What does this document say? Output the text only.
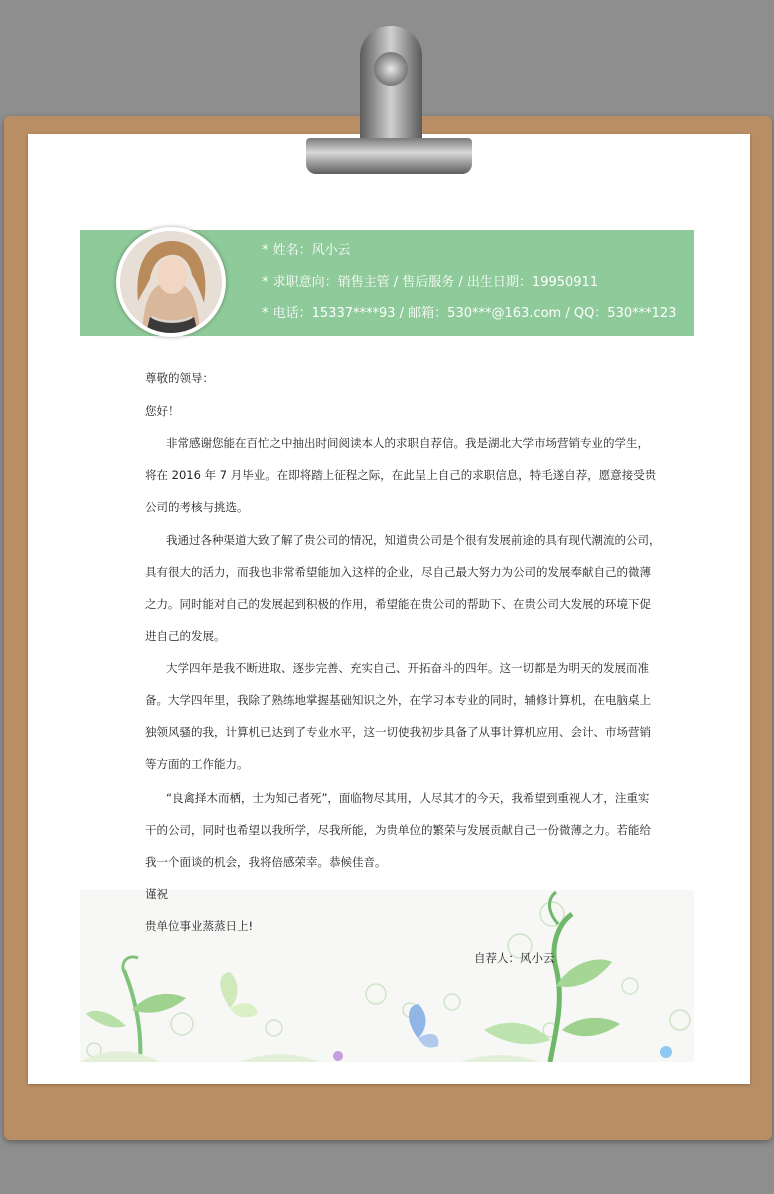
* 姓名：风小云
* 求职意向：销售主管 / 售后服务 / 出生日期：19950911
* 电话：15337****93 / 邮箱：530***@163.com / QQ：530***123
尊敬的领导：
您好！
非常感谢您能在百忙之中抽出时间阅读本人的求职自荐信。我是湖北大学市场营销专业的学生，
将在 2016 年 7 月毕业。在即将踏上征程之际，在此呈上自己的求职信息，特毛遂自荐，愿意接受贵
公司的考核与挑选。
我通过各种渠道大致了解了贵公司的情况，知道贵公司是个很有发展前途的具有现代潮流的公司，
具有很大的活力，而我也非常希望能加入这样的企业，尽自己最大努力为公司的发展奉献自己的微薄
之力。同时能对自己的发展起到积极的作用，希望能在贵公司的帮助下、在贵公司大发展的环境下促
进自己的发展。
大学四年是我不断进取、逐步完善、充实自己、开拓奋斗的四年。这一切都是为明天的发展而准
备。大学四年里，我除了熟练地掌握基础知识之外，在学习本专业的同时，辅修计算机，在电脑桌上
独领风骚的我，计算机已达到了专业水平，这一切使我初步具备了从事计算机应用、会计、市场营销
等方面的工作能力。
“良禽择木而栖，士为知己者死”，面临物尽其用，人尽其才的今天，我希望到重视人才，注重实
干的公司，同时也希望以我所学，尽我所能，为贵单位的繁荣与发展贡献自己一份微薄之力。若能给
我一个面谈的机会，我将倍感荣幸。恭候佳音。
谨祝
贵单位事业蒸蒸日上!
自荐人：风小云
